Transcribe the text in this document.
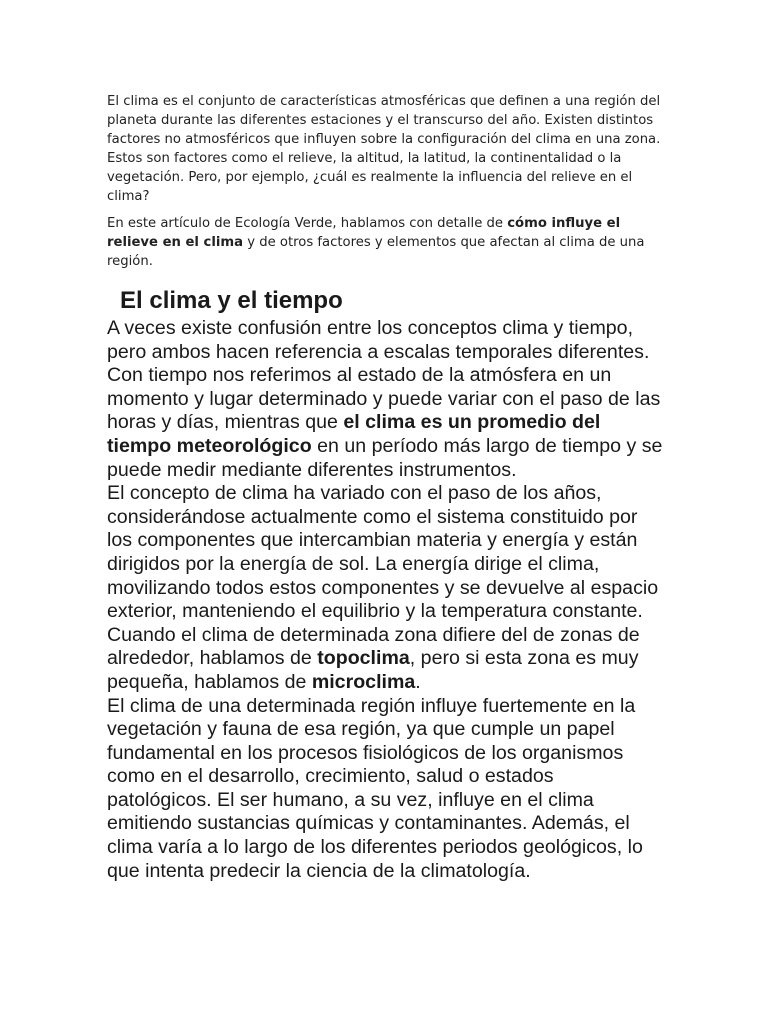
El clima es el conjunto de características atmosféricas que definen a una región del planeta durante las diferentes estaciones y el transcurso del año. Existen distintos factores no atmosféricos que influyen sobre la configuración del clima en una zona. Estos son factores como el relieve, la altitud, la latitud, la continentalidad o la vegetación. Pero, por ejemplo, ¿cuál es realmente la influencia del relieve en el clima?

En este artículo de Ecología Verde, hablamos con detalle de cómo influye el relieve en el clima y de otros factores y elementos que afectan al clima de una región.

El clima y el tiempo

A veces existe confusión entre los conceptos clima y tiempo, pero ambos hacen referencia a escalas temporales diferentes. Con tiempo nos referimos al estado de la atmósfera en un momento y lugar determinado y puede variar con el paso de las horas y días, mientras que el clima es un promedio del tiempo meteorológico en un período más largo de tiempo y se puede medir mediante diferentes instrumentos.

El concepto de clima ha variado con el paso de los años, considerándose actualmente como el sistema constituido por los componentes que intercambian materia y energía y están dirigidos por la energía de sol. La energía dirige el clima, movilizando todos estos componentes y se devuelve al espacio exterior, manteniendo el equilibrio y la temperatura constante. Cuando el clima de determinada zona difiere del de zonas de alrededor, hablamos de topoclima, pero si esta zona es muy pequeña, hablamos de microclima.

El clima de una determinada región influye fuertemente en la vegetación y fauna de esa región, ya que cumple un papel fundamental en los procesos fisiológicos de los organismos como en el desarrollo, crecimiento, salud o estados patológicos. El ser humano, a su vez, influye en el clima emitiendo sustancias químicas y contaminantes. Además, el clima varía a lo largo de los diferentes periodos geológicos, lo que intenta predecir la ciencia de la climatología.
